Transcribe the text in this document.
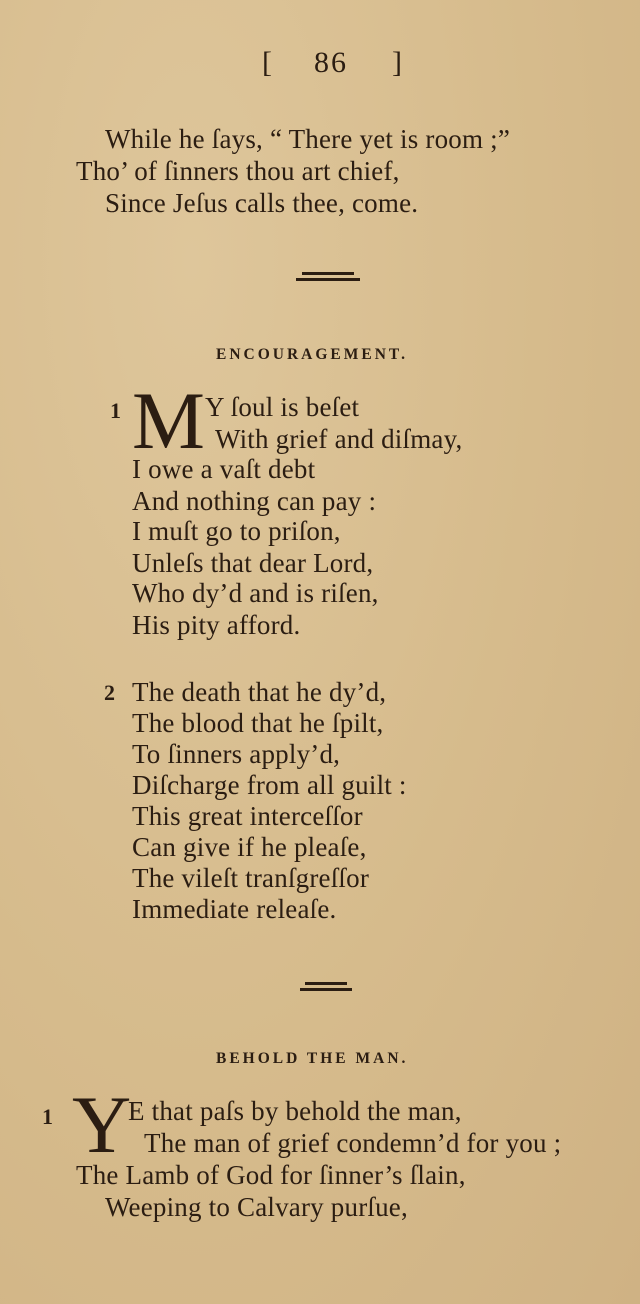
[ 86 ]
While he ſays, “ There yet is room ;”
Tho’ of ſinners thou art chief,
Since Jeſus calls thee, come.
ENCOURAGEMENT.
1 M Y ſoul is beſet
With grief and diſmay,
I owe a vaſt debt
And nothing can pay :
I muſt go to priſon,
Unleſs that dear Lord,
Who dy’d and is riſen,
His pity afford.
2 The death that he dy’d,
The blood that he ſpilt,
To ſinners apply’d,
Diſcharge from all guilt :
This great interceſſor
Can give if he pleaſe,
The vileſt tranſgreſſor
Immediate releaſe.
BEHOLD THE MAN.
1 Y
E that paſs by behold the man,
The man of grief condemn’d for you ;
The Lamb of God for ſinner’s ſlain,
Weeping to Calvary purſue,
